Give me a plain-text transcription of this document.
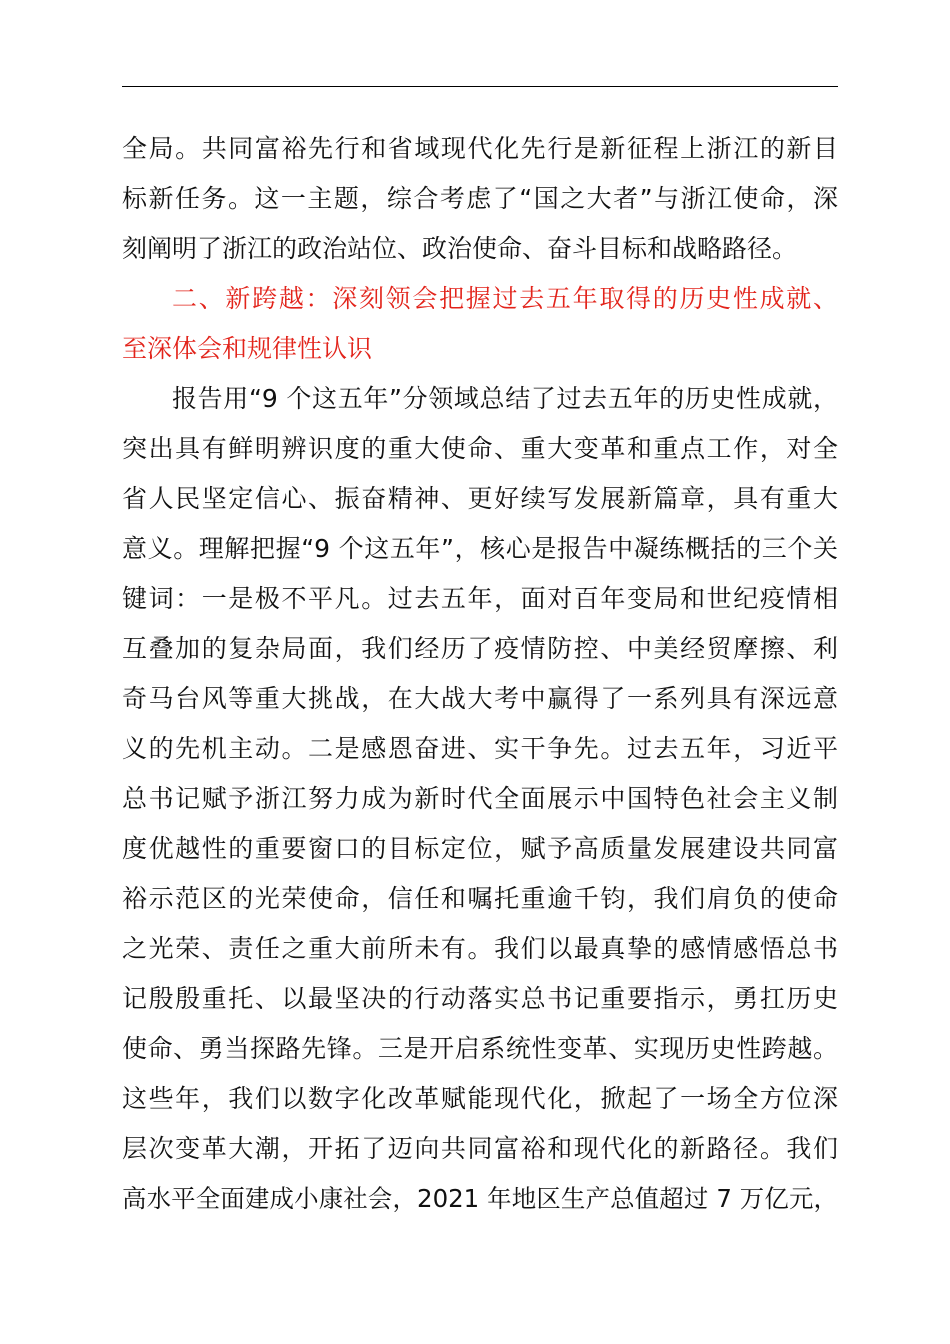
全局。共同富裕先行和省域现代化先行是新征程上浙江的新目
标新任务。这一主题，综合考虑了“国之大者”与浙江使命，深
刻阐明了浙江的政治站位、政治使命、奋斗目标和战略路径。
二、新跨越：深刻领会把握过去五年取得的历史性成就、
至深体会和规律性认识
报告用“9 个这五年”分领域总结了过去五年的历史性成就，
突出具有鲜明辨识度的重大使命、重大变革和重点工作，对全
省人民坚定信心、振奋精神、更好续写发展新篇章，具有重大
意义。理解把握“9 个这五年”，核心是报告中凝练概括的三个关
键词：一是极不平凡。过去五年，面对百年变局和世纪疫情相
互叠加的复杂局面，我们经历了疫情防控、中美经贸摩擦、利
奇马台风等重大挑战，在大战大考中赢得了一系列具有深远意
义的先机主动。二是感恩奋进、实干争先。过去五年，习近平
总书记赋予浙江努力成为新时代全面展示中国特色社会主义制
度优越性的重要窗口的目标定位，赋予高质量发展建设共同富
裕示范区的光荣使命，信任和嘱托重逾千钧，我们肩负的使命
之光荣、责任之重大前所未有。我们以最真挚的感情感悟总书
记殷殷重托、以最坚决的行动落实总书记重要指示，勇扛历史
使命、勇当探路先锋。三是开启系统性变革、实现历史性跨越。
这些年，我们以数字化改革赋能现代化，掀起了一场全方位深
层次变革大潮，开拓了迈向共同富裕和现代化的新路径。我们
高水平全面建成小康社会，2021 年地区生产总值超过 7 万亿元，
